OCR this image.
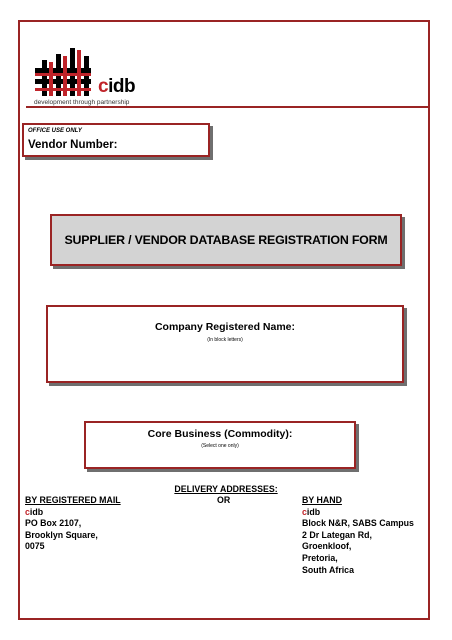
cidb
development through partnership
OFFICE USE ONLY
Vendor Number:
SUPPLIER / VENDOR DATABASE REGISTRATION FORM
Company Registered Name:
(In block letters)
Core Business (Commodity):
(Select one only)
DELIVERY ADDRESSES:
BY REGISTERED MAIL
cidb
PO Box 2107,
Brooklyn Square,
0075
OR	BY HAND
cidb
Block N&R, SABS Campus
2 Dr Lategan Rd,
Groenkloof,
Pretoria,
South Africa
